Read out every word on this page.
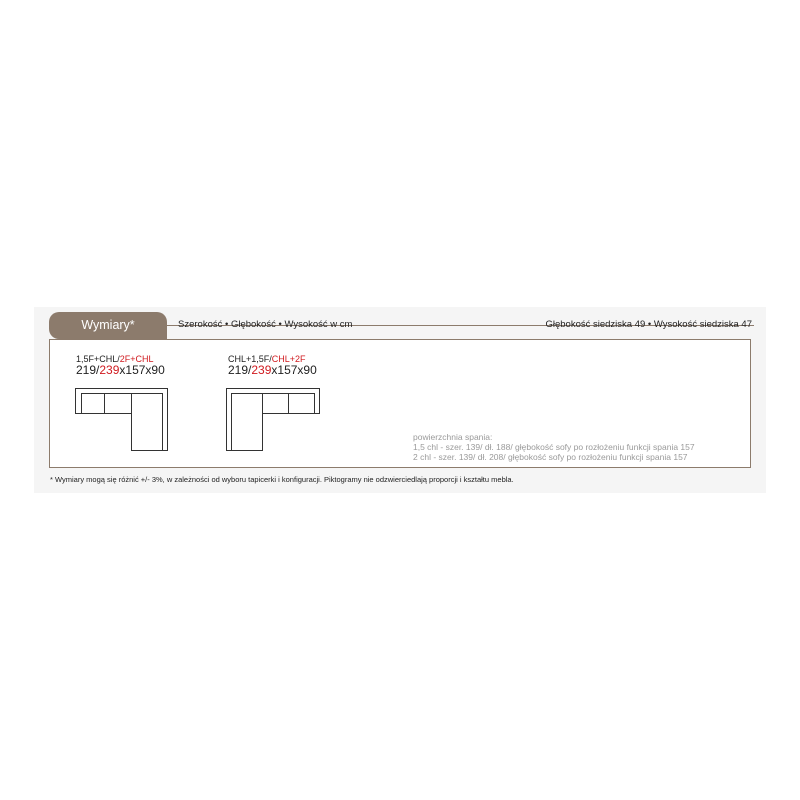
Wymiary*	Szerokość • Głębokość • Wysokość w cm	Głębokość siedziska 49 • Wysokość siedziska 47
1,5F+CHL/2F+CHL
219/239x157x90
CHL+1,5F/CHL+2F
219/239x157x90
powierzchnia spania:
1,5 chl - szer. 139/ dł. 188/ głębokość sofy po rozłożeniu funkcji spania 157
2 chl - szer. 139/ dł. 208/ głębokość sofy po rozłożeniu funkcji spania 157
* Wymiary mogą się różnić +/- 3%, w zależności od wyboru tapicerki i konfiguracji. Piktogramy nie odzwierciedlają proporcji i kształtu mebla.
